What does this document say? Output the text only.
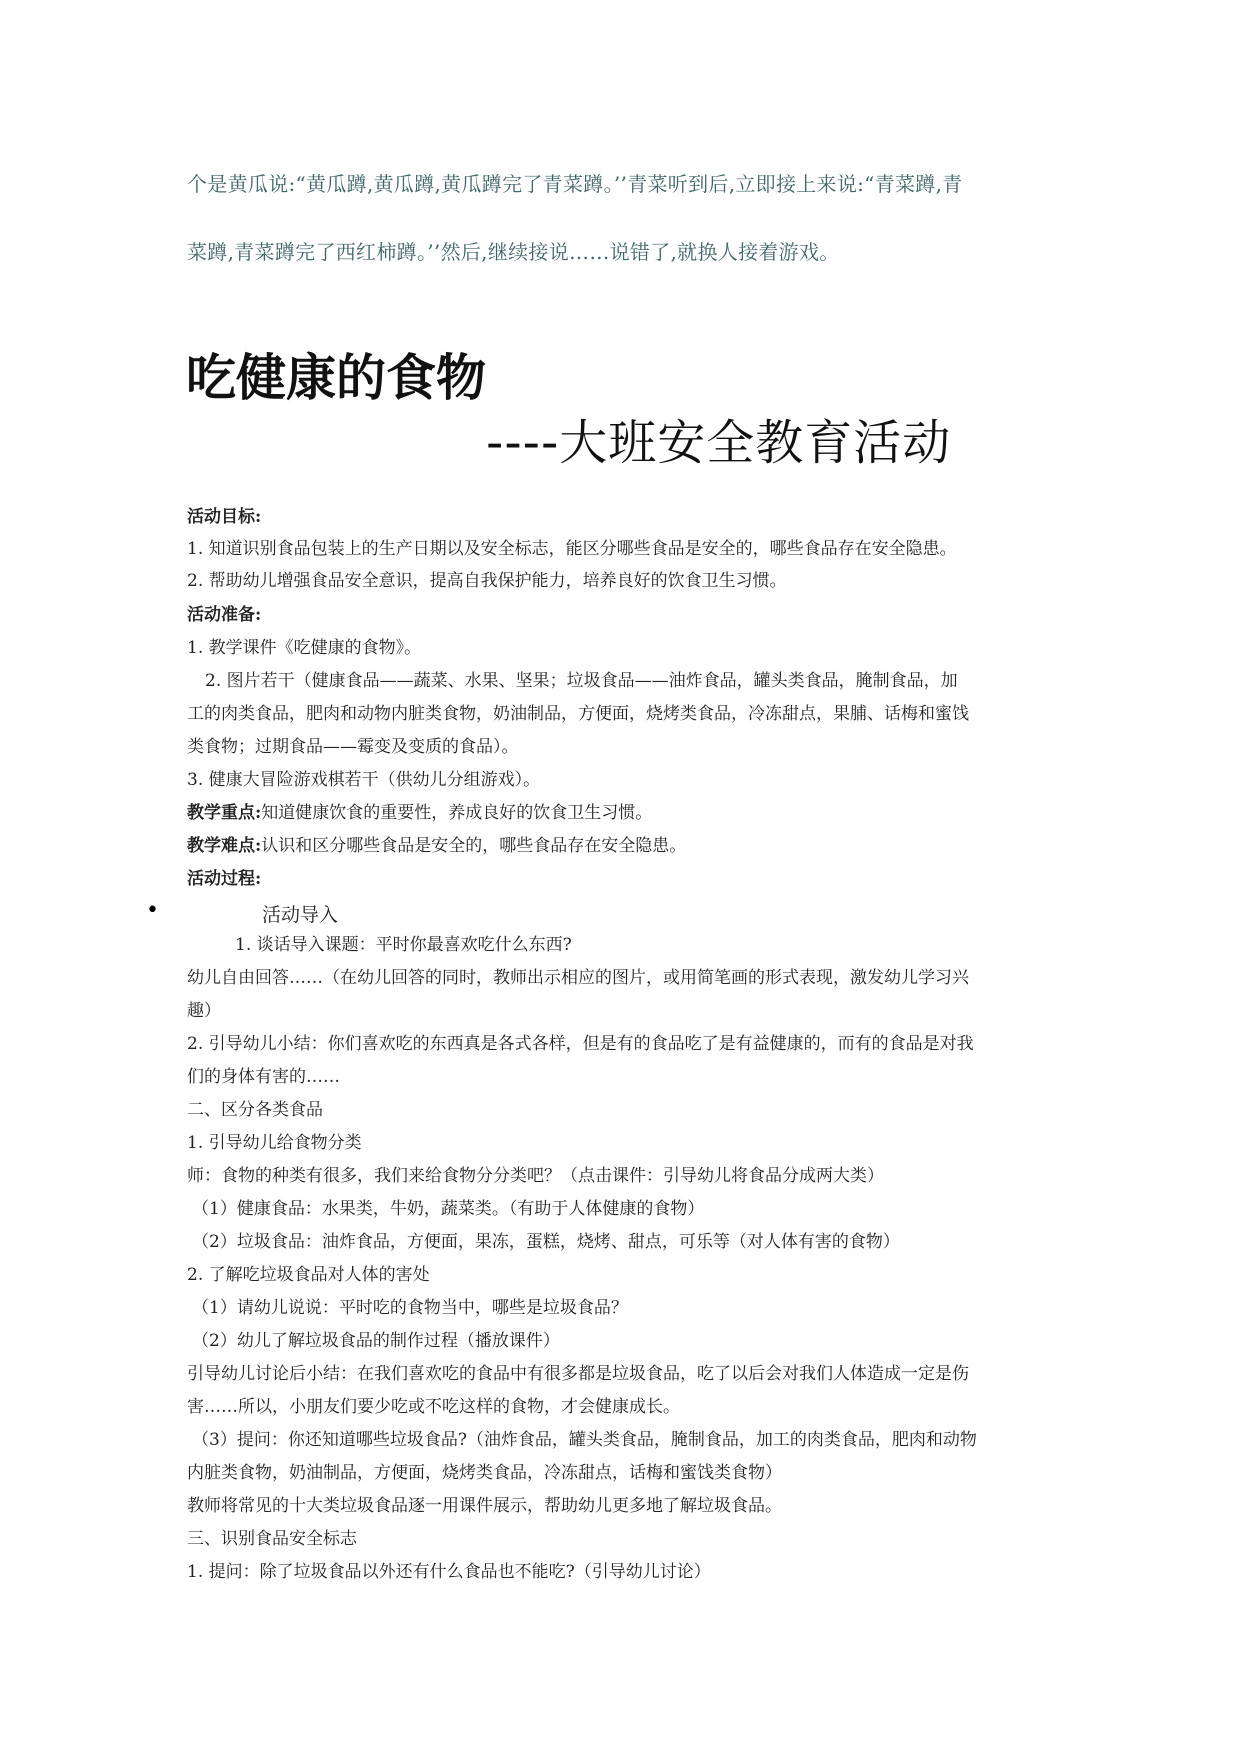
个是黄瓜说:“黄瓜蹲,黄瓜蹲,黄瓜蹲完了青菜蹲。’’青菜听到后,立即接上来说:“青菜蹲,青
菜蹲,青菜蹲完了西红柿蹲。’’然后,继续接说……说错了,就换人接着游戏。
吃健康的食物
----大班安全教育活动
活动目标:
1. 知道识别食品包装上的生产日期以及安全标志，能区分哪些食品是安全的，哪些食品存在安全隐患。
2. 帮助幼儿增强食品安全意识，提高自我保护能力，培养良好的饮食卫生习惯。
活动准备:
1. 教学课件《吃健康的食物》。
2. 图片若干（健康食品——蔬菜、水果、坚果；垃圾食品——油炸食品，罐头类食品，腌制食品，加
工的肉类食品，肥肉和动物内脏类食物，奶油制品，方便面，烧烤类食品，冷冻甜点，果脯、话梅和蜜饯
类食物；过期食品——霉变及变质的食品）。
3. 健康大冒险游戏棋若干（供幼儿分组游戏）。
教学重点:知道健康饮食的重要性，养成良好的饮食卫生习惯。
教学难点:认识和区分哪些食品是安全的，哪些食品存在安全隐患。
活动过程:
•	活动导入
1. 谈话导入课题：平时你最喜欢吃什么东西?
幼儿自由回答……（在幼儿回答的同时，教师出示相应的图片，或用简笔画的形式表现，激发幼儿学习兴
趣）
2. 引导幼儿小结：你们喜欢吃的东西真是各式各样，但是有的食品吃了是有益健康的，而有的食品是对我
们的身体有害的……
二、区分各类食品
1. 引导幼儿给食物分类
师：食物的种类有很多，我们来给食物分分类吧？（点击课件：引导幼儿将食品分成两大类）
（1）健康食品：水果类，牛奶，蔬菜类。（有助于人体健康的食物）
（2）垃圾食品：油炸食品，方便面，果冻，蛋糕，烧烤、甜点，可乐等（对人体有害的食物）
2. 了解吃垃圾食品对人体的害处
（1）请幼儿说说：平时吃的食物当中，哪些是垃圾食品？
（2）幼儿了解垃圾食品的制作过程（播放课件）
引导幼儿讨论后小结：在我们喜欢吃的食品中有很多都是垃圾食品，吃了以后会对我们人体造成一定是伤
害……所以，小朋友们要少吃或不吃这样的食物，才会健康成长。
（3）提问：你还知道哪些垃圾食品?（油炸食品，罐头类食品，腌制食品，加工的肉类食品，肥肉和动物
内脏类食物，奶油制品，方便面，烧烤类食品，冷冻甜点，话梅和蜜饯类食物）
教师将常见的十大类垃圾食品逐一用课件展示，帮助幼儿更多地了解垃圾食品。
三、识别食品安全标志
1. 提问：除了垃圾食品以外还有什么食品也不能吃?（引导幼儿讨论）
